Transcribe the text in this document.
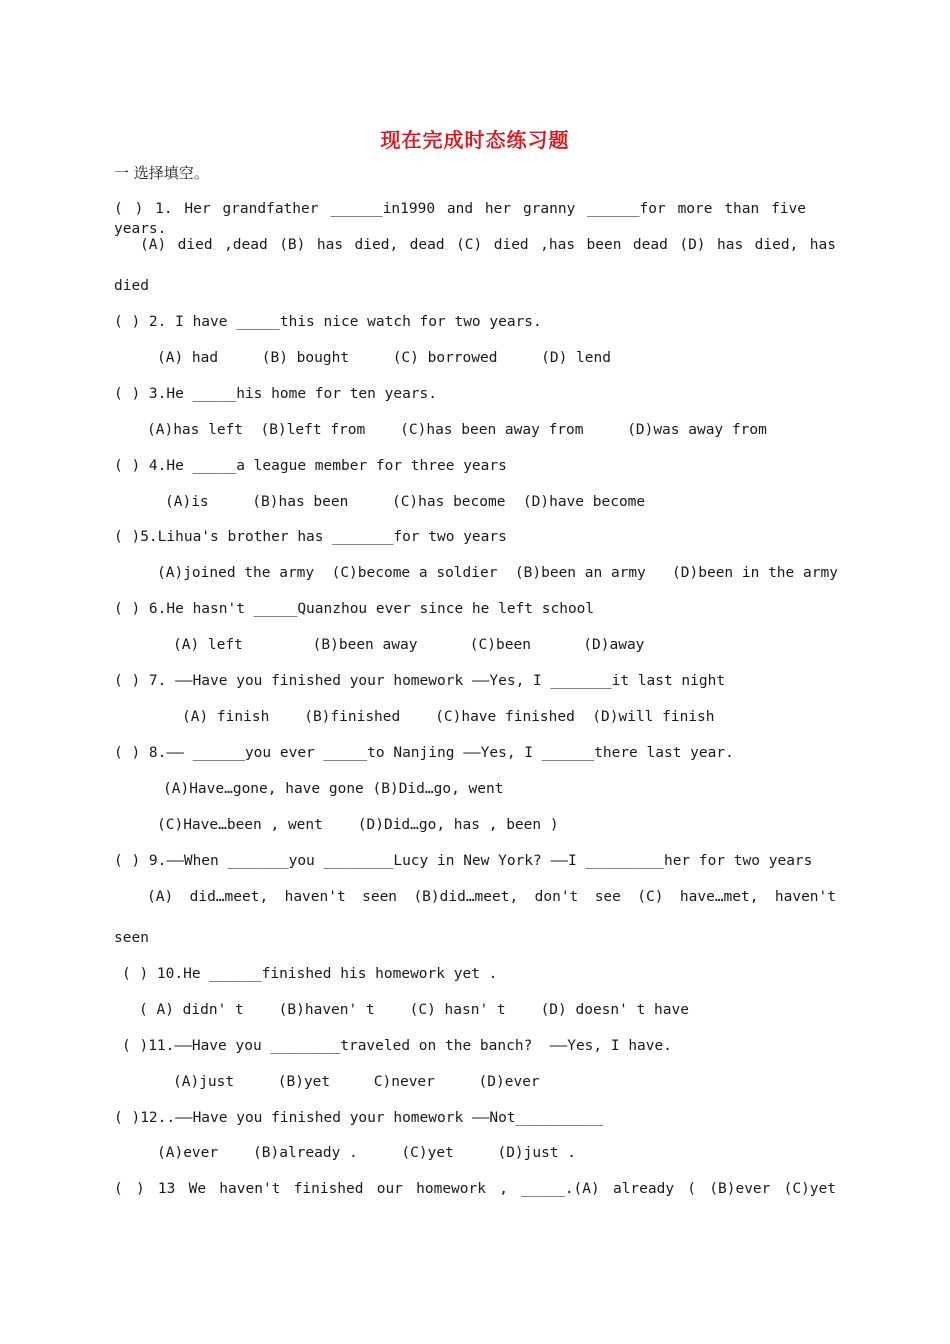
现在完成时态练习题
一 选择填空。
( ) 1. Her grandfather ______in1990 and her granny ______for more than five years.
(A) died ,dead (B) has died, dead (C) died ,has been dead (D) has died, has
died
( ) 2. I have _____this nice watch for two years.
(A) had     (B) bought     (C) borrowed     (D) lend
( ) 3.He _____his home for ten years.
(A)has left  (B)left from    (C)has been away from     (D)was away from
( ) 4.He _____a league member for three years
(A)is     (B)has been     (C)has become  (D)have become
( )5.Lihua's brother has _______for two years
(A)joined the army  (C)become a soldier  (B)been an army   (D)been in the army
( ) 6.He hasn't _____Quanzhou ever since he left school
(A) left        (B)been away      (C)been      (D)away
( ) 7. ——Have you finished your homework ——Yes, I _______it last night
(A) finish    (B)finished    (C)have finished  (D)will finish
( ) 8.—— ______you ever _____to Nanjing ——Yes, I ______there last year.
(A)Have…gone, have gone (B)Did…go, went
(C)Have…been , went    (D)Did…go, has , been )
( ) 9.——When _______you ________Lucy in New York? ——I _________her for two years
(A) did…meet, haven't seen (B)did…meet, don't see (C) have…met, haven't
seen
( ) 10.He ______finished his homework yet .
( A) didn' t    (B)haven' t    (C) hasn' t    (D) doesn' t have
( )11.——Have you ________traveled on the banch?  ——Yes, I have.
(A)just     (B)yet     C)never     (D)ever
( )12..——Have you finished your homework ——Not__________
(A)ever    (B)already .     (C)yet     (D)just .
( ) 13 We haven't finished our homework , _____.(A) already ( (B)ever (C)yet
